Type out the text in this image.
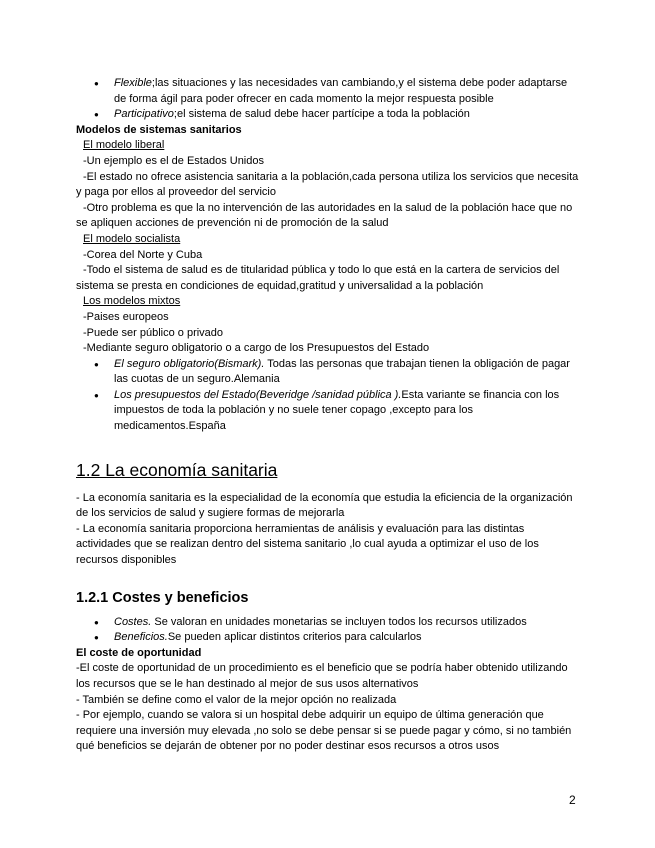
● Flexible;las situaciones y las necesidades van cambiando,y el sistema debe poder adaptarse de forma ágil para poder ofrecer en cada momento la mejor respuesta posible
● Participativo;el sistema de salud debe hacer partícipe a toda la población

Modelos de sistemas sanitarios

El modelo liberal

-Un ejemplo es el de Estados Unidos

-El estado no ofrece asistencia sanitaria a la población,cada persona utiliza los servicios que necesita y paga por ellos al proveedor del servicio

-Otro problema es que la no intervención de las autoridades en la salud de la población hace que no se apliquen acciones de prevención ni de promoción de la salud

El modelo socialista

-Corea del Norte y Cuba

-Todo el sistema de salud es de titularidad pública y todo lo que está en la cartera de servicios del sistema se presta en condiciones de equidad,gratitud y universalidad a la población

Los modelos mixtos

-Paises europeos

-Puede ser público o privado

-Mediante seguro obligatorio o a cargo de los Presupuestos del Estado

● El seguro obligatorio(Bismark). Todas las personas que trabajan tienen la obligación de pagar las cuotas de un seguro.Alemania
● Los presupuestos del Estado(Beveridge /sanidad pública ).Esta variante se financia con los impuestos de toda la población y no suele tener copago ,excepto para los medicamentos.España
1.2 La economía sanitaria

- La economía sanitaria es la especialidad de la economía que estudia la eficiencia de la organización de los servicios de salud y sugiere formas de mejorarla

- La economía sanitaria proporciona herramientas de análisis y evaluación para las distintas actividades que se realizan dentro del sistema sanitario ,lo cual ayuda a optimizar el uso de los recursos disponibles

1.2.1 Costes y beneficios
● Costes. Se valoran en unidades monetarias se incluyen todos los recursos utilizados
● Beneficios.Se pueden aplicar distintos criterios para calcularlos

El coste de oportunidad

-El coste de oportunidad de un procedimiento es el beneficio que se podría haber obtenido utilizando los recursos que se le han destinado al mejor de sus usos alternativos

- También se define como el valor de la mejor opción no realizada

- Por ejemplo, cuando se valora si un hospital debe adquirir un equipo de última generación que requiere una inversión muy elevada ,no solo se debe pensar si se puede pagar y cómo, si no también qué beneficios se dejarán de obtener por no poder destinar esos recursos a otros usos

2
